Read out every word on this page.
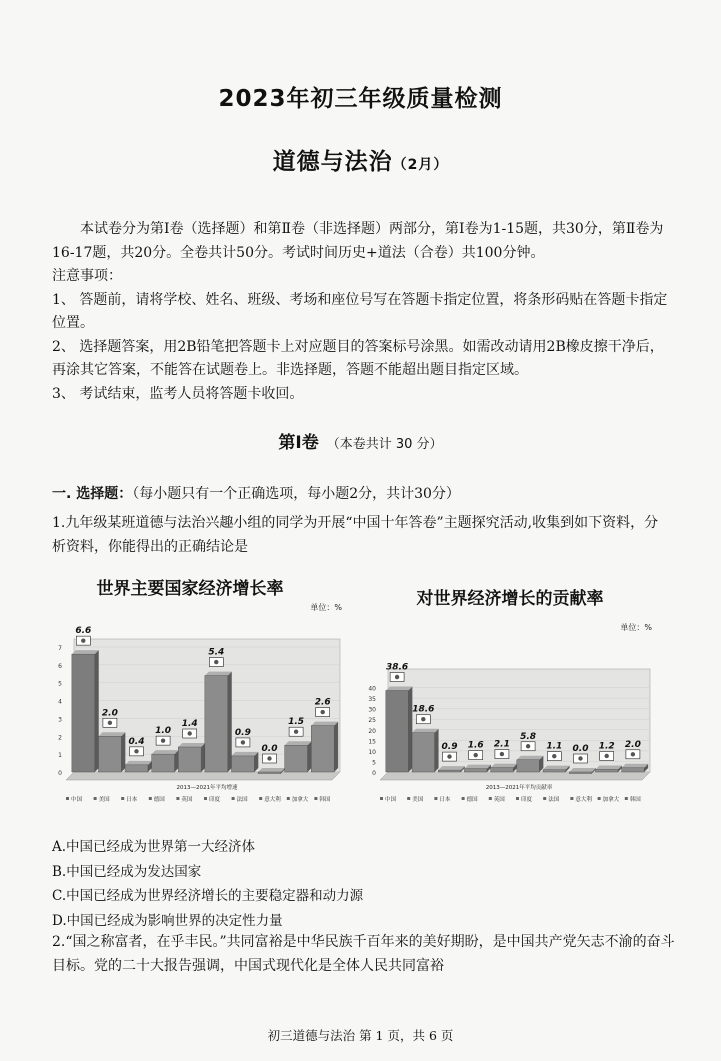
2023年初三年级质量检测
道德与法治（2月）
本试卷分为第Ⅰ卷（选择题）和第Ⅱ卷（非选择题）两部分，第Ⅰ卷为1-15题，共30分，第Ⅱ卷为16-17题，共20分。全卷共计50分。考试时间历史+道法（合卷）共100分钟。
注意事项：
1、 答题前，请将学校、姓名、班级、考场和座位号写在答题卡指定位置，将条形码贴在答题卡指定位置。
2、 选择题答案，用2B铅笔把答题卡上对应题目的答案标号涂黑。如需改动请用2B橡皮擦干净后，再涂其它答案，不能答在试题卷上。非选择题，答题不能超出题目指定区域。
3、 考试结束，监考人员将答题卡收回。
第Ⅰ卷 （本卷共计 30 分）
一. 选择题：（每小题只有一个正确选项，每小题2分，共计30分）
1.九年级某班道德与法治兴趣小组的同学为开展“中国十年答卷”主题探究活动,收集到如下资料，分析资料，你能得出的正确结论是
世界主要国家经济增长率
单位：%
0
1
2
3
4
5
6
7
6.6
2.0
0.4
1.0
1.4
5.4
0.9
0.0
1.5
2.6
2013—2021年平均增速
中国	美国	日本	德国	英国	印度	法国	意大利 加拿大 韩国
对世界经济增长的贡献率
单位：%
0
5
10
15
20
25
30
35
40
38.6
18.6
0.9 1.6 2.1
5.8
1.1 0.0 1.2 2.0
2013—2021年平均贡献率
中国	美国	日本	德国	英国	印度	法国	意大利 加拿大 韩国
A.中国已经成为世界第一大经济体
B.中国已经成为发达国家
C.中国已经成为世界经济增长的主要稳定器和动力源
D.中国已经成为影响世界的决定性力量
2.“国之称富者，在乎丰民。”共同富裕是中华民族千百年来的美好期盼，是中国共产党矢志不渝的奋斗目标。党的二十大报告强调，中国式现代化是全体人民共同富裕
初三道德与法治 第 1 页，共 6 页
